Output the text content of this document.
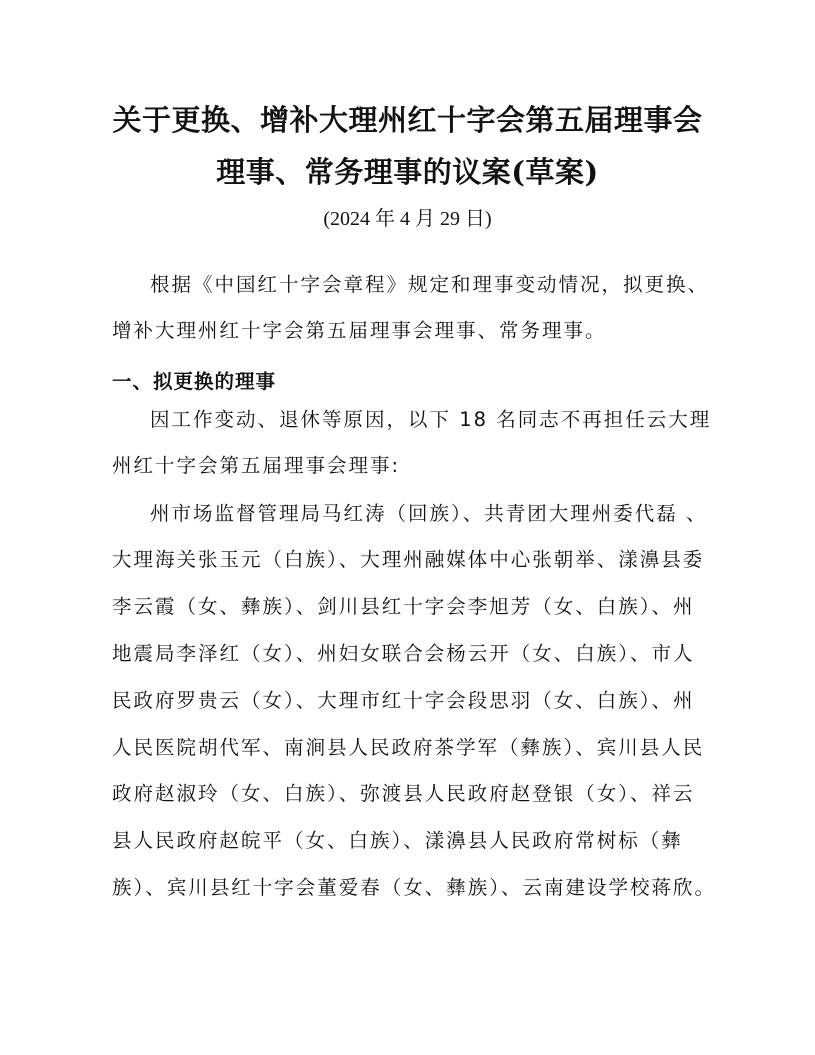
关于更换、增补大理州红十字会第五届理事会
理事、常务理事的议案(草案)
(2024 年 4 月 29 日)
根据《中国红十字会章程》规定和理事变动情况，拟更换、
增补大理州红十字会第五届理事会理事、常务理事。
一、拟更换的理事
因工作变动、退休等原因，以下 18 名同志不再担任云大理
州红十字会第五届理事会理事:
州市场监督管理局马红涛（回族）、共青团大理州委代磊 、
大理海关张玉元（白族）、大理州融媒体中心张朝举、漾濞县委
李云霞（女、彝族）、剑川县红十字会李旭芳（女、白族）、州
地震局李泽红（女）、州妇女联合会杨云开（女、白族）、市人
民政府罗贵云（女）、大理市红十字会段思羽（女、白族）、州
人民医院胡代军、南涧县人民政府茶学军（彝族）、宾川县人民
政府赵淑玲（女、白族）、弥渡县人民政府赵登银（女）、祥云
县人民政府赵皖平（女、白族）、漾濞县人民政府常树标（彝
族）、宾川县红十字会董爱春（女、彝族）、云南建设学校蒋欣。
